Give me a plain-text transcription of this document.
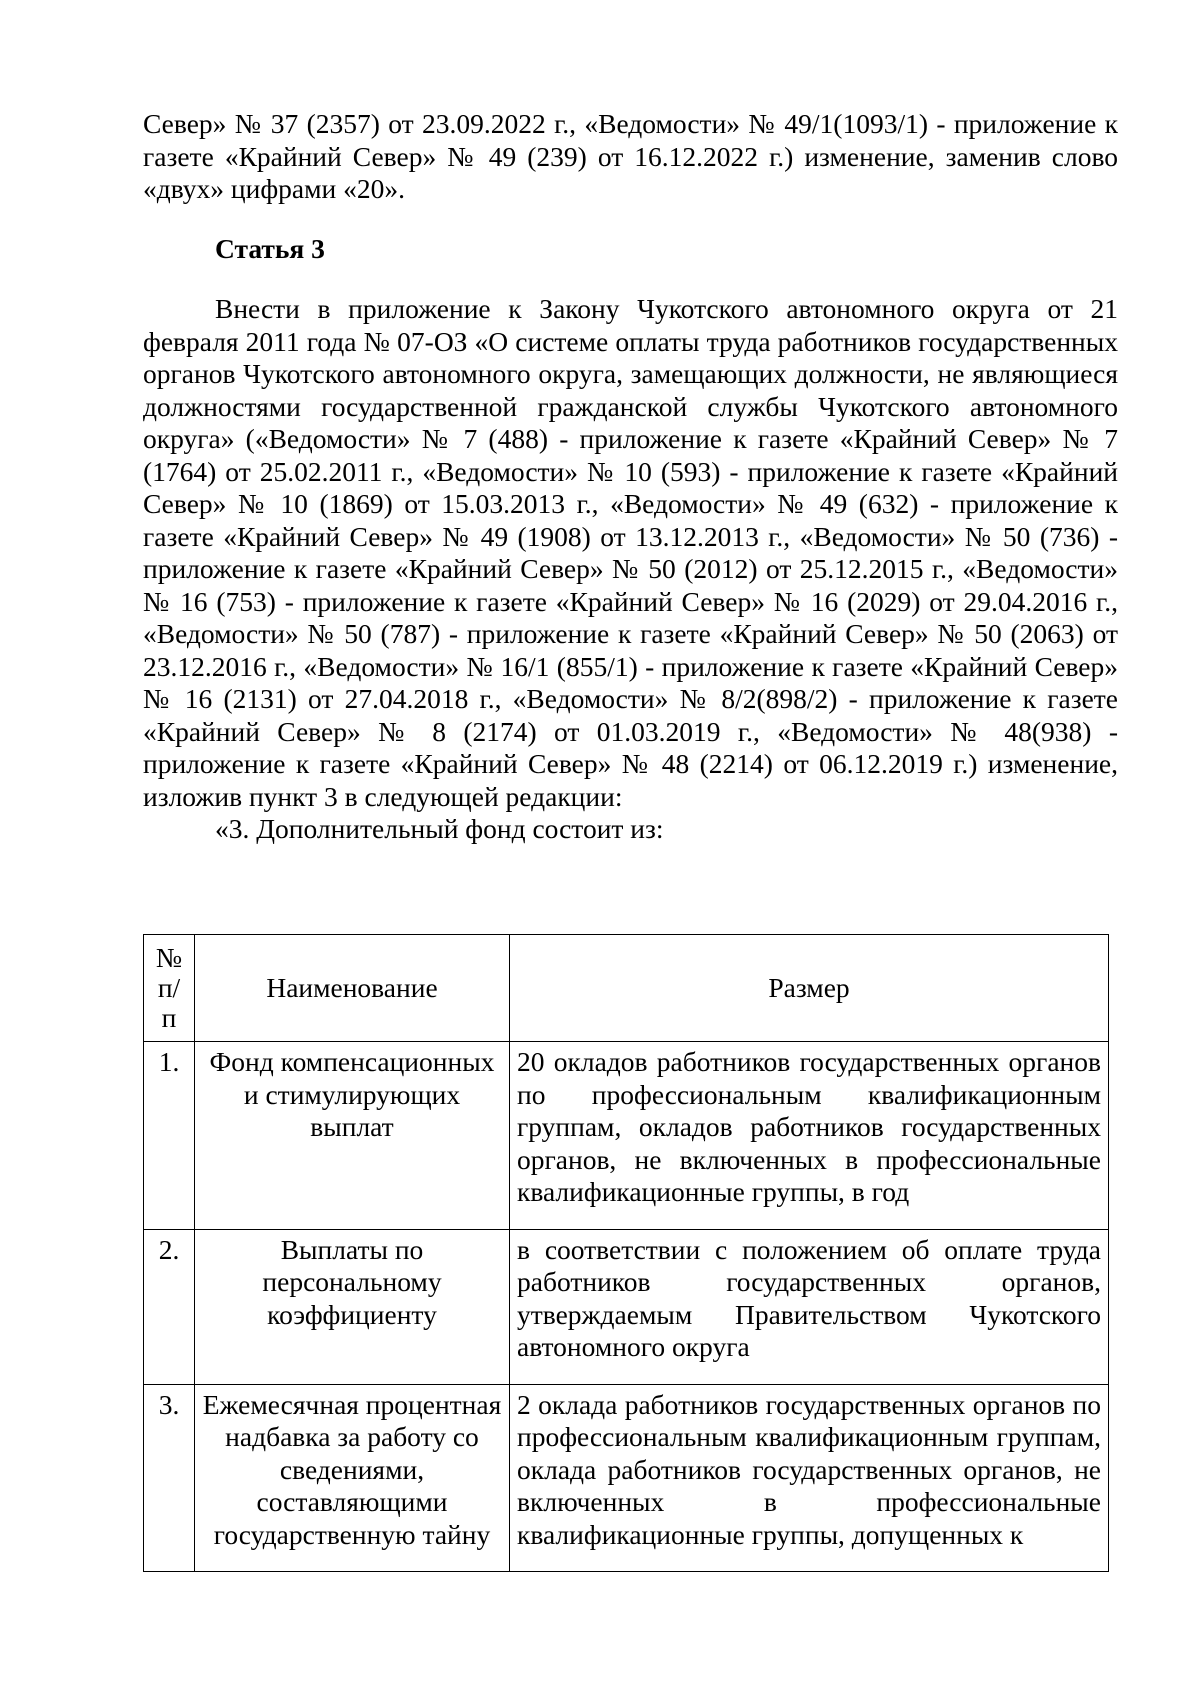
Север» № 37 (2357) от 23.09.2022 г., «Ведомости» № 49/1(1093/1) - приложение к газете «Крайний Север» № 49 (239) от 16.12.2022 г.) изменение, заменив слово «двух» цифрами «20».

Статья 3

Внести в приложение к Закону Чукотского автономного округа от 21 февраля 2011 года № 07-ОЗ «О системе оплаты труда работников государственных органов Чукотского автономного округа, замещающих должности, не являющиеся должностями государственной гражданской службы Чукотского автономного округа» («Ведомости» № 7 (488) - приложение к газете «Крайний Север» № 7 (1764) от 25.02.2011 г., «Ведомости» № 10 (593) - приложение к газете «Крайний Север» № 10 (1869) от 15.03.2013 г., «Ведомости» № 49 (632) - приложение к газете «Крайний Север» № 49 (1908) от 13.12.2013 г., «Ведомости» № 50 (736) - приложение к газете «Крайний Север» № 50 (2012) от 25.12.2015 г., «Ведомости» № 16 (753) - приложение к газете «Крайний Север» № 16 (2029) от 29.04.2016 г., «Ведомости» № 50 (787) - приложение к газете «Крайний Север» № 50 (2063) от 23.12.2016 г., «Ведомости» № 16/1 (855/1) - приложение к газете «Крайний Север» № 16 (2131) от 27.04.2018 г., «Ведомости» № 8/2(898/2) - приложение к газете «Крайний Север» № 8 (2174) от 01.03.2019 г., «Ведомости» № 48(938) - приложение к газете «Крайний Север» № 48 (2214) от 06.12.2019 г.) изменение, изложив пункт 3 в следующей редакции:

«3. Дополнительный фонд состоит из:

№ п/п	Наименование	Размер
1.	Фонд компенсационных и стимулирующих выплат	20 окладов работников государственных органов по профессиональным квалификационным группам, окладов работников государственных органов, не включенных в профессиональные квалификационные группы, в год
2.	Выплаты по персональному коэффициенту	в соответствии с положением об оплате труда работников государственных органов, утверждаемым Правительством Чукотского автономного округа
3.	Ежемесячная процентная надбавка за работу со сведениями, составляющими государственную тайну	2 оклада работников государственных органов по профессиональным квалификационным группам, оклада работников государственных органов, не включенных в профессиональные квалификационные группы, допущенных к
